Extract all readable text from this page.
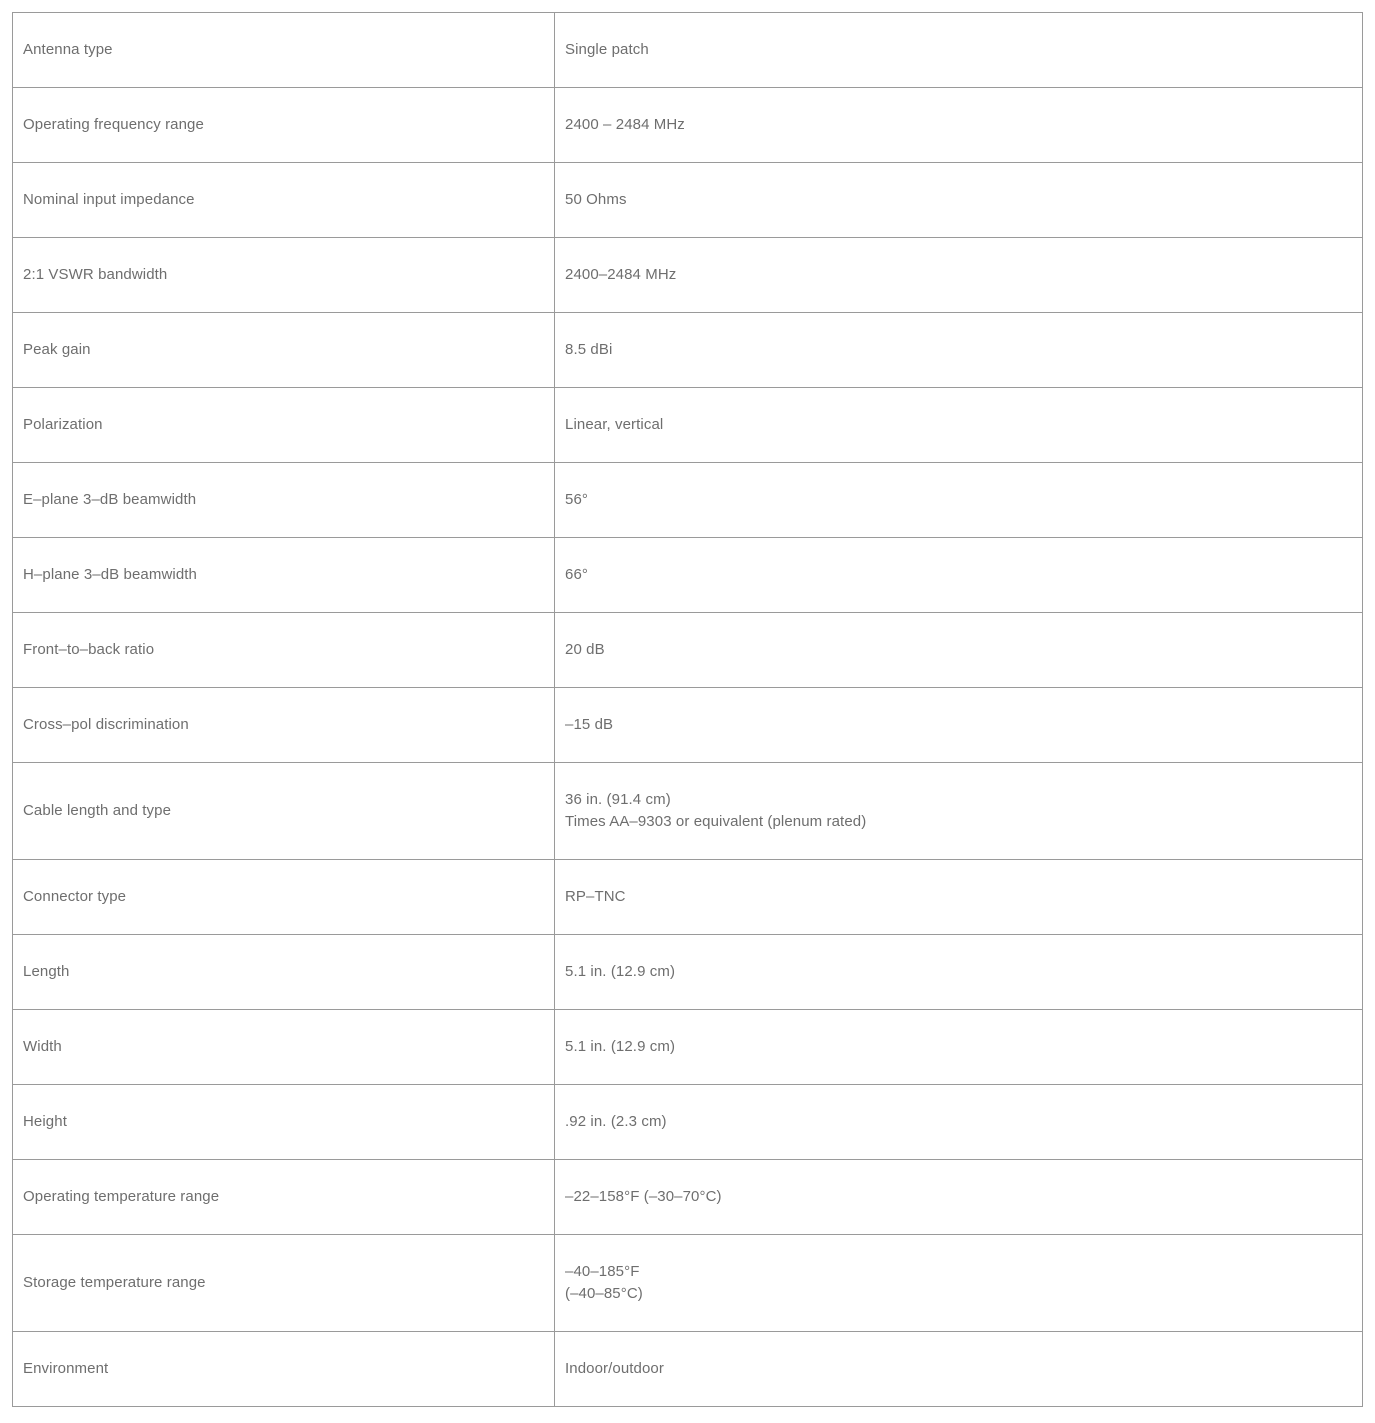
Antenna type	Single patch

Operating frequency range	2400 – 2484 MHz

Nominal input impedance	50 Ohms

2:1 VSWR bandwidth	2400–2484 MHz

Peak gain	8.5 dBi

Polarization	Linear, vertical

E–plane 3–dB beamwidth	56°

H–plane 3–dB beamwidth	66°

Front–to–back ratio	20 dB

Cross–pol discrimination	–15 dB

Cable length and type	36 in. (91.4 cm)
Times AA–9303 or equivalent (plenum rated)

Connector type	RP–TNC

Length	5.1 in. (12.9 cm)

Width	5.1 in. (12.9 cm)

Height	.92 in. (2.3 cm)

Operating temperature range	–22–158°F (–30–70°C)

Storage temperature range	–40–185°F
(–40–85°C)

Environment	Indoor/outdoor
